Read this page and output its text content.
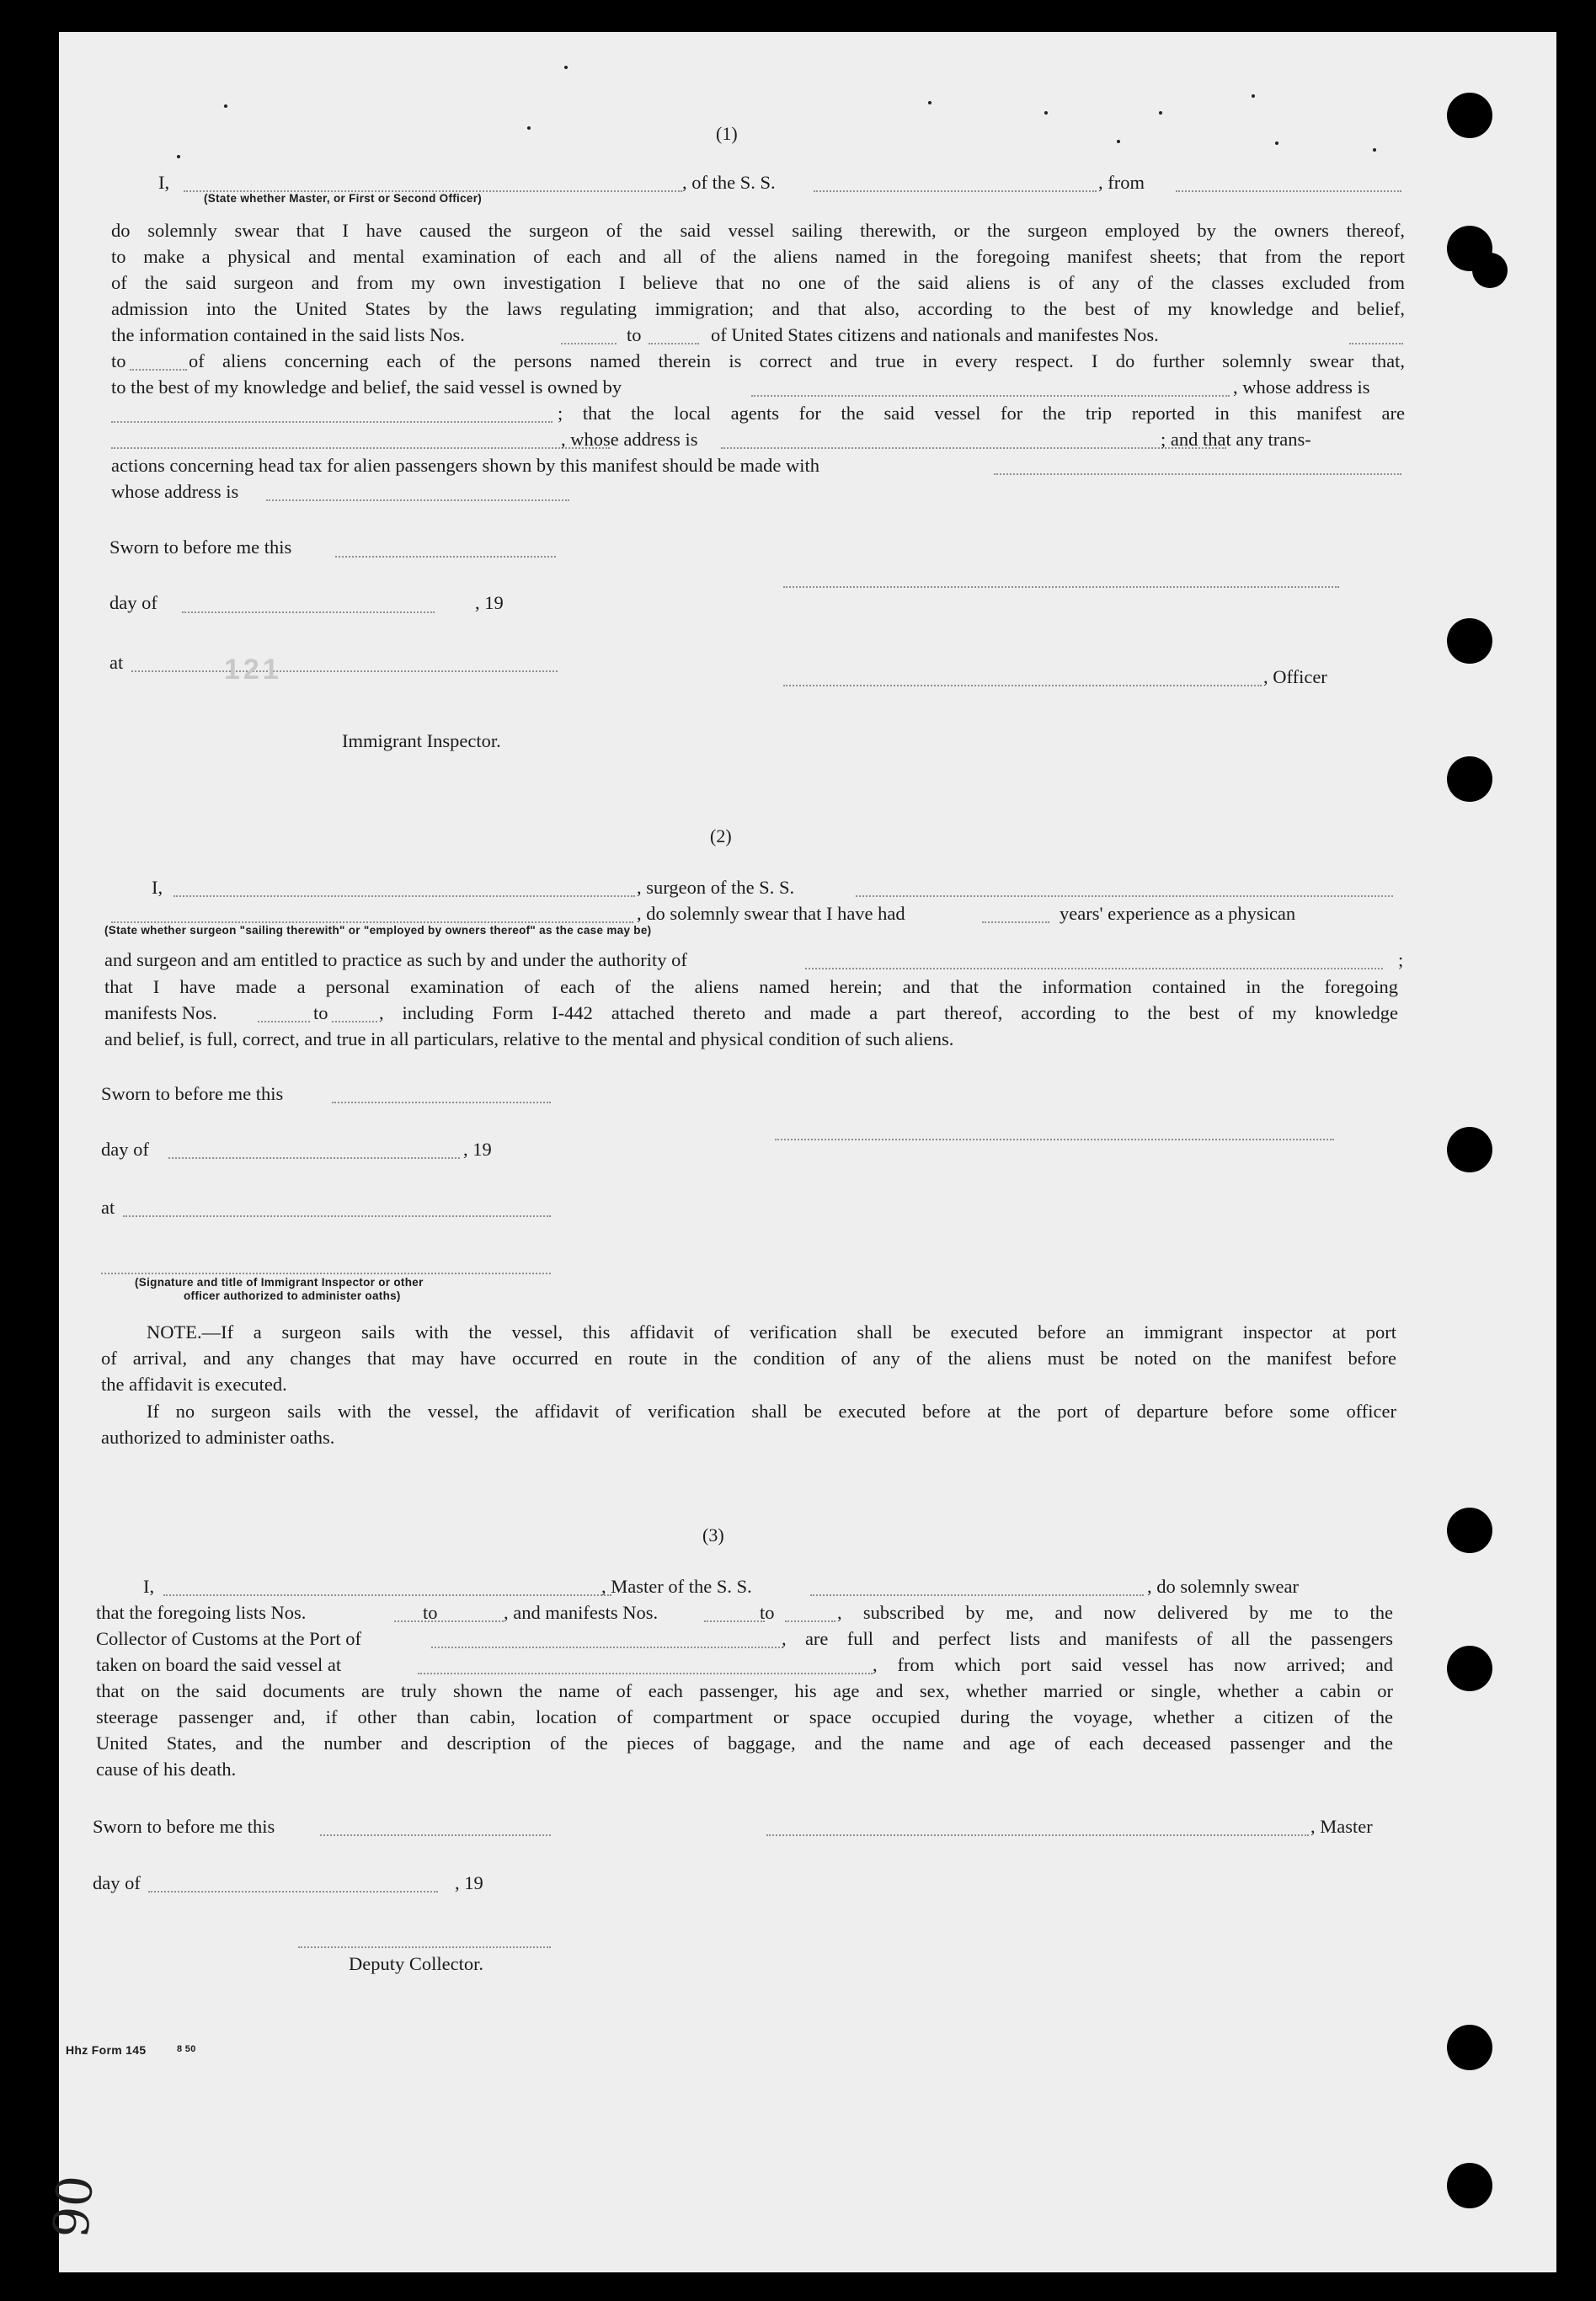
(1)
I,	, of the S. S.	, from
(State whether Master, or First or Second Officer)
do solemnly swear that I have caused the surgeon of the said vessel sailing therewith, or the surgeon employed by the owners thereof,
to make a physical and mental examination of each and all of the aliens named in the foregoing manifest sheets; that from the report
of the said surgeon and from my own investigation I believe that no one of the said aliens is of any of the classes excluded from
admission into the United States by the laws regulating immigration; and that also, according to the best of my knowledge and belief,
the information contained in the said lists Nos.	to	of United States citizens and nationals and manifestes Nos.
to	of aliens concerning each of the persons named therein is correct and true in every respect. I do further solemnly swear that,
to the best of my knowledge and belief, the said vessel is owned by	, whose address is
; that the local agents for the said vessel for the trip reported in this manifest are
, whose address is	; and that any trans-
actions concerning head tax for alien passengers shown by this manifest should be made with
whose address is
Sworn to before me this
day of	, 19
at	121	, Officer
Immigrant Inspector.
(2)
I,	, surgeon of the S. S.
, do solemnly swear that I have had	years' experience as a physican
(State whether surgeon "sailing therewith" or "employed by owners thereof" as the case may be)
and surgeon and am entitled to practice as such by and under the authority of	;
that I have made a personal examination of each of the aliens named herein; and that the information contained in the foregoing
manifests Nos.	to	, including Form I-442 attached thereto and made a part thereof, according to the best of my knowledge
and belief, is full, correct, and true in all particulars, relative to the mental and physical condition of such aliens.
Sworn to before me this
day of	, 19
at
(Signature and title of Immigrant Inspector or other
officer authorized to administer oaths)
NOTE.—If a surgeon sails with the vessel, this affidavit of verification shall be executed before an immigrant inspector at port
of arrival, and any changes that may have occurred en route in the condition of any of the aliens must be noted on the manifest before
the affidavit is executed.
If no surgeon sails with the vessel, the affidavit of verification shall be executed before at the port of departure before some officer
authorized to administer oaths.
(3)
I,	, Master of the S. S.	, do solemnly swear
that the foregoing lists Nos.	to	, and manifests Nos.	to	, subscribed by me, and now delivered by me to the
Collector of Customs at the Port of	, are full and perfect lists and manifests of all the passengers
taken on board the said vessel at	, from which port said vessel has now arrived; and
that on the said documents are truly shown the name of each passenger, his age and sex, whether married or single, whether a cabin or
steerage passenger and, if other than cabin, location of compartment or space occupied during the voyage, whether a citizen of the
United States, and the number and description of the pieces of baggage, and the name and age of each deceased passenger and the
cause of his death.
Sworn to before me this	, Master
day of	, 19
Deputy Collector.
Hhz Form 145	8 50
90
